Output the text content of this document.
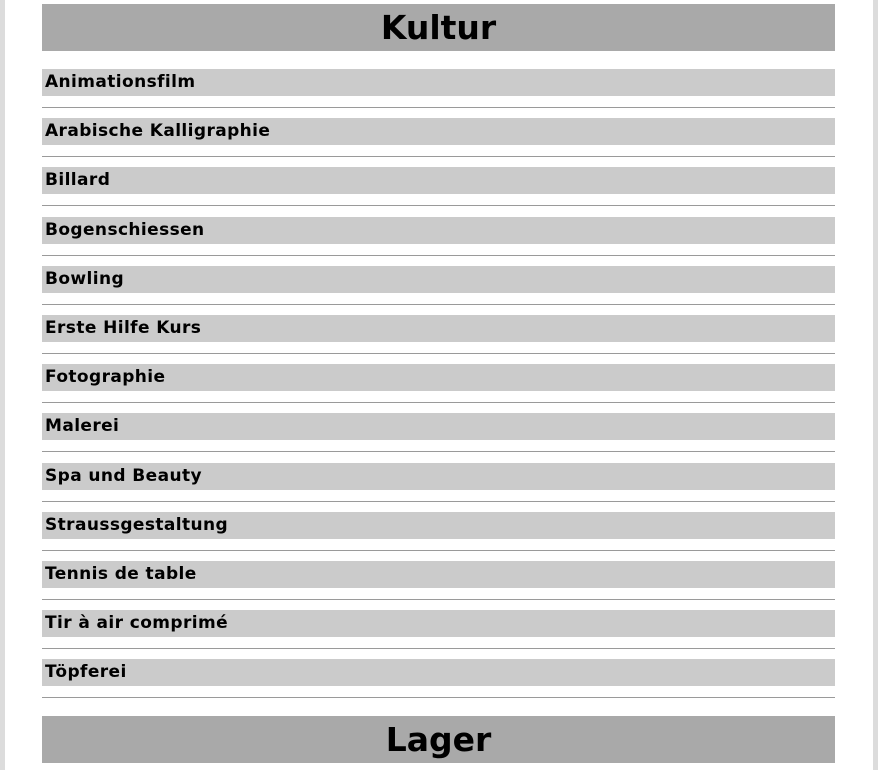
Kultur
Animationsfilm
Arabische Kalligraphie
Billard
Bogenschiessen
Bowling
Erste Hilfe Kurs
Fotographie
Malerei
Spa und Beauty
Straussgestaltung
Tennis de table
Tir à air comprimé
Töpferei
Lager
